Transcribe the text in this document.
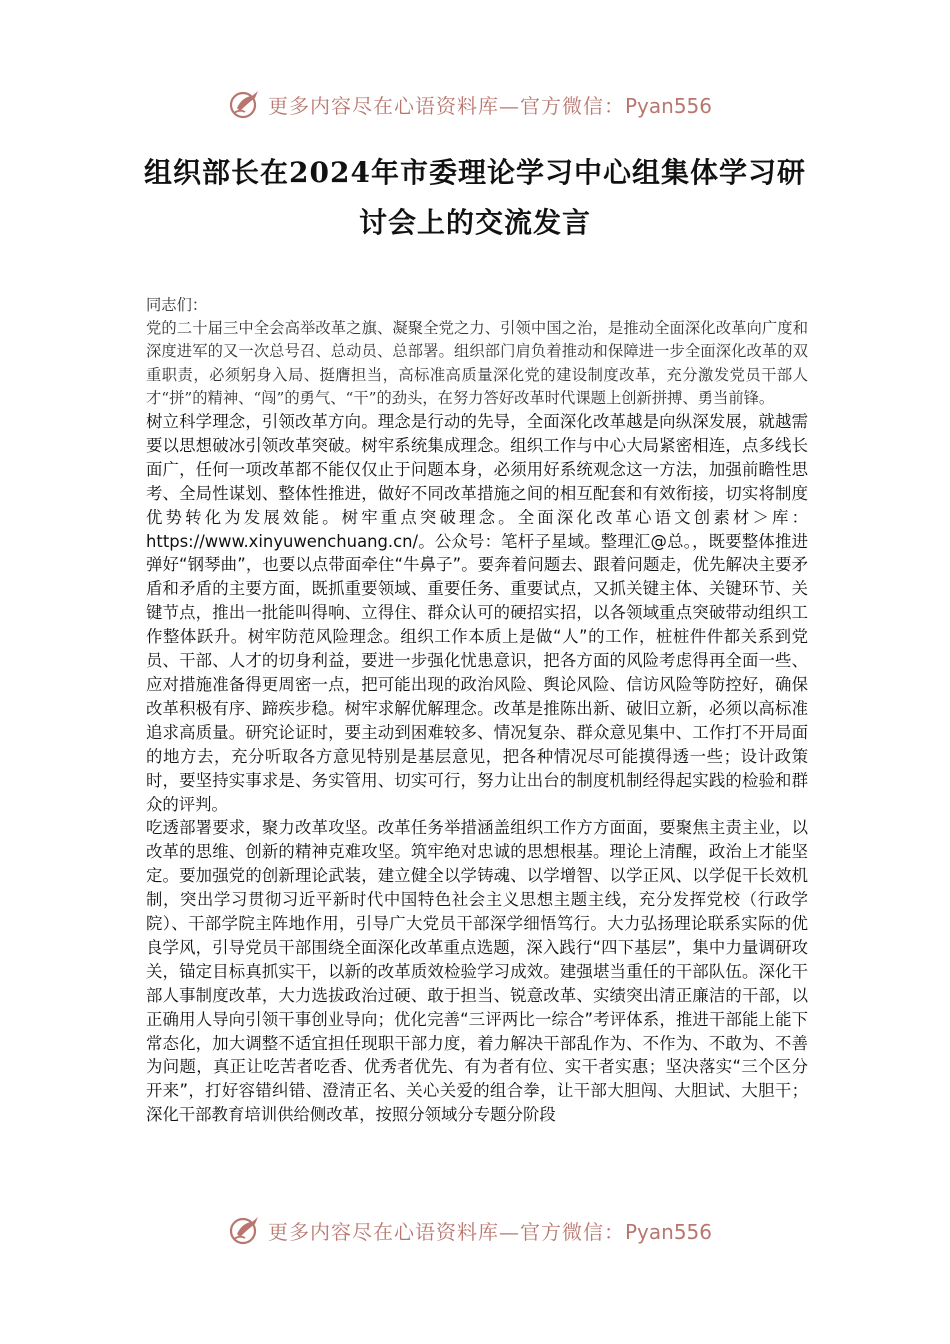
更多内容尽在心语资料库—官方微信：Pyan556
组织部长在2024年市委理论学习中心组集体学习研
讨会上的交流发言

同志们：

党的二十届三中全会高举改革之旗、凝聚全党之力、引领中国之治，是推动全面深化改革向广度和深度进军的又一次总号召、总动员、总部署。组织部门肩负着推动和保障进一步全面深化改革的双重职责，必须躬身入局、挺膺担当，高标准高质量深化党的建设制度改革，充分激发党员干部人才“拼”的精神、“闯”的勇气、“干”的劲头，在努力答好改革时代课题上创新拼搏、勇当前锋。

树立科学理念，引领改革方向。理念是行动的先导，全面深化改革越是向纵深发展，就越需要以思想破冰引领改革突破。树牢系统集成理念。组织工作与中心大局紧密相连，点多线长面广，任何一项改革都不能仅仅止于问题本身，必须用好系统观念这一方法，加强前瞻性思考、全局性谋划、整体性推进，做好不同改革措施之间的相互配套和有效衔接，切实将制度优势转化为发展效能。树牢重点突破理念。全面深化改革心语文创素材＞库：https://www.xinyuwenchuang.cn/。公众号：笔杆子星域。整理汇@总。，既要整体推进弹好“钢琴曲”，也要以点带面牵住“牛鼻子”。要奔着问题去、跟着问题走，优先解决主要矛盾和矛盾的主要方面，既抓重要领域、重要任务、重要试点，又抓关键主体、关键环节、关键节点，推出一批能叫得响、立得住、群众认可的硬招实招，以各领域重点突破带动组织工作整体跃升。树牢防范风险理念。组织工作本质上是做“人”的工作，桩桩件件都关系到党员、干部、人才的切身利益，要进一步强化忧患意识，把各方面的风险考虑得再全面一些、应对措施准备得更周密一点，把可能出现的政治风险、舆论风险、信访风险等防控好，确保改革积极有序、蹄疾步稳。树牢求解优解理念。改革是推陈出新、破旧立新，必须以高标准追求高质量。研究论证时，要主动到困难较多、情况复杂、群众意见集中、工作打不开局面的地方去，充分听取各方意见特别是基层意见，把各种情况尽可能摸得透一些；设计政策时，要坚持实事求是、务实管用、切实可行，努力让出台的制度机制经得起实践的检验和群众的评判。

吃透部署要求，聚力改革攻坚。改革任务举措涵盖组织工作方方面面，要聚焦主责主业，以改革的思维、创新的精神克难攻坚。筑牢绝对忠诚的思想根基。理论上清醒，政治上才能坚定。要加强党的创新理论武装，建立健全以学铸魂、以学增智、以学正风、以学促干长效机制，突出学习贯彻习近平新时代中国特色社会主义思想主题主线，充分发挥党校（行政学院）、干部学院主阵地作用，引导广大党员干部深学细悟笃行。大力弘扬理论联系实际的优良学风，引导党员干部围绕全面深化改革重点选题，深入践行“四下基层”，集中力量调研攻关，锚定目标真抓实干，以新的改革质效检验学习成效。建强堪当重任的干部队伍。深化干部人事制度改革，大力选拔政治过硬、敢于担当、锐意改革、实绩突出清正廉洁的干部，以正确用人导向引领干事创业导向；优化完善“三评两比一综合”考评体系，推进干部能上能下常态化，加大调整不适宜担任现职干部力度，着力解决干部乱作为、不作为、不敢为、不善为问题，真正让吃苦者吃香、优秀者优先、有为者有位、实干者实惠；坚决落实“三个区分开来”，打好容错纠错、澄清正名、关心关爱的组合拳，让干部大胆闯、大胆试、大胆干；深化干部教育培训供给侧改革，按照分领域分专题分阶段

更多内容尽在心语资料库—官方微信：Pyan556
